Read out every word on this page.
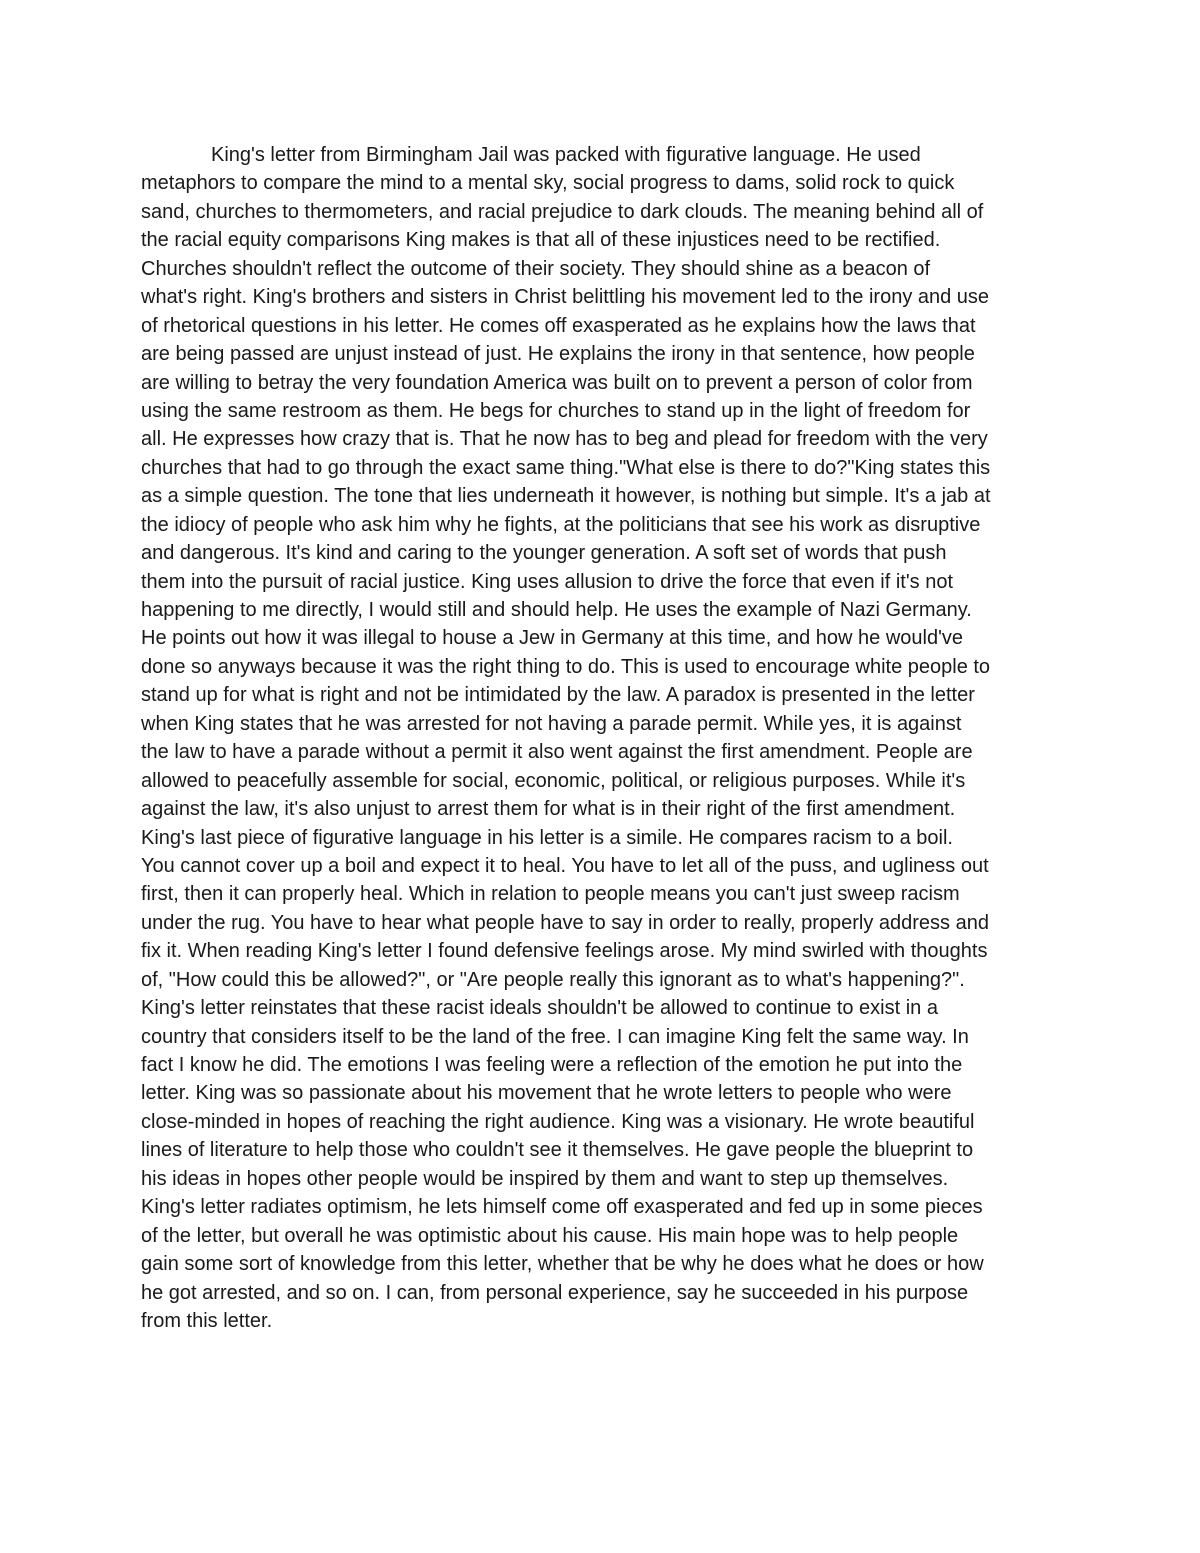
King's letter from Birmingham Jail was packed with figurative language. He used
metaphors to compare the mind to a mental sky, social progress to dams, solid rock to quick
sand, churches to thermometers, and racial prejudice to dark clouds. The meaning behind all of
the racial equity comparisons King makes is that all of these injustices need to be rectified.
Churches shouldn't reflect the outcome of their society. They should shine as a beacon of
what's right. King's brothers and sisters in Christ belittling his movement led to the irony and use
of rhetorical questions in his letter. He comes off exasperated as he explains how the laws that
are being passed are unjust instead of just. He explains the irony in that sentence, how people
are willing to betray the very foundation America was built on to prevent a person of color from
using the same restroom as them. He begs for churches to stand up in the light of freedom for
all. He expresses how crazy that is. That he now has to beg and plead for freedom with the very
churches that had to go through the exact same thing."What else is there to do?"King states this
as a simple question. The tone that lies underneath it however, is nothing but simple. It's a jab at
the idiocy of people who ask him why he fights, at the politicians that see his work as disruptive
and dangerous. It's kind and caring to the younger generation. A soft set of words that push
them into the pursuit of racial justice. King uses allusion to drive the force that even if it's not
happening to me directly, I would still and should help. He uses the example of Nazi Germany.
He points out how it was illegal to house a Jew in Germany at this time, and how he would've
done so anyways because it was the right thing to do. This is used to encourage white people to
stand up for what is right and not be intimidated by the law. A paradox is presented in the letter
when King states that he was arrested for not having a parade permit. While yes, it is against
the law to have a parade without a permit it also went against the first amendment. People are
allowed to peacefully assemble for social, economic, political, or religious purposes. While it's
against the law, it's also unjust to arrest them for what is in their right of the first amendment.
King's last piece of figurative language in his letter is a simile. He compares racism to a boil.
You cannot cover up a boil and expect it to heal. You have to let all of the puss, and ugliness out
first, then it can properly heal. Which in relation to people means you can't just sweep racism
under the rug. You have to hear what people have to say in order to really, properly address and
fix it. When reading King's letter I found defensive feelings arose. My mind swirled with thoughts
of, "How could this be allowed?", or "Are people really this ignorant as to what's happening?".
King's letter reinstates that these racist ideals shouldn't be allowed to continue to exist in a
country that considers itself to be the land of the free. I can imagine King felt the same way. In
fact I know he did. The emotions I was feeling were a reflection of the emotion he put into the
letter. King was so passionate about his movement that he wrote letters to people who were
close-minded in hopes of reaching the right audience. King was a visionary. He wrote beautiful
lines of literature to help those who couldn't see it themselves. He gave people the blueprint to
his ideas in hopes other people would be inspired by them and want to step up themselves.
King's letter radiates optimism, he lets himself come off exasperated and fed up in some pieces
of the letter, but overall he was optimistic about his cause. His main hope was to help people
gain some sort of knowledge from this letter, whether that be why he does what he does or how
he got arrested, and so on. I can, from personal experience, say he succeeded in his purpose
from this letter.
